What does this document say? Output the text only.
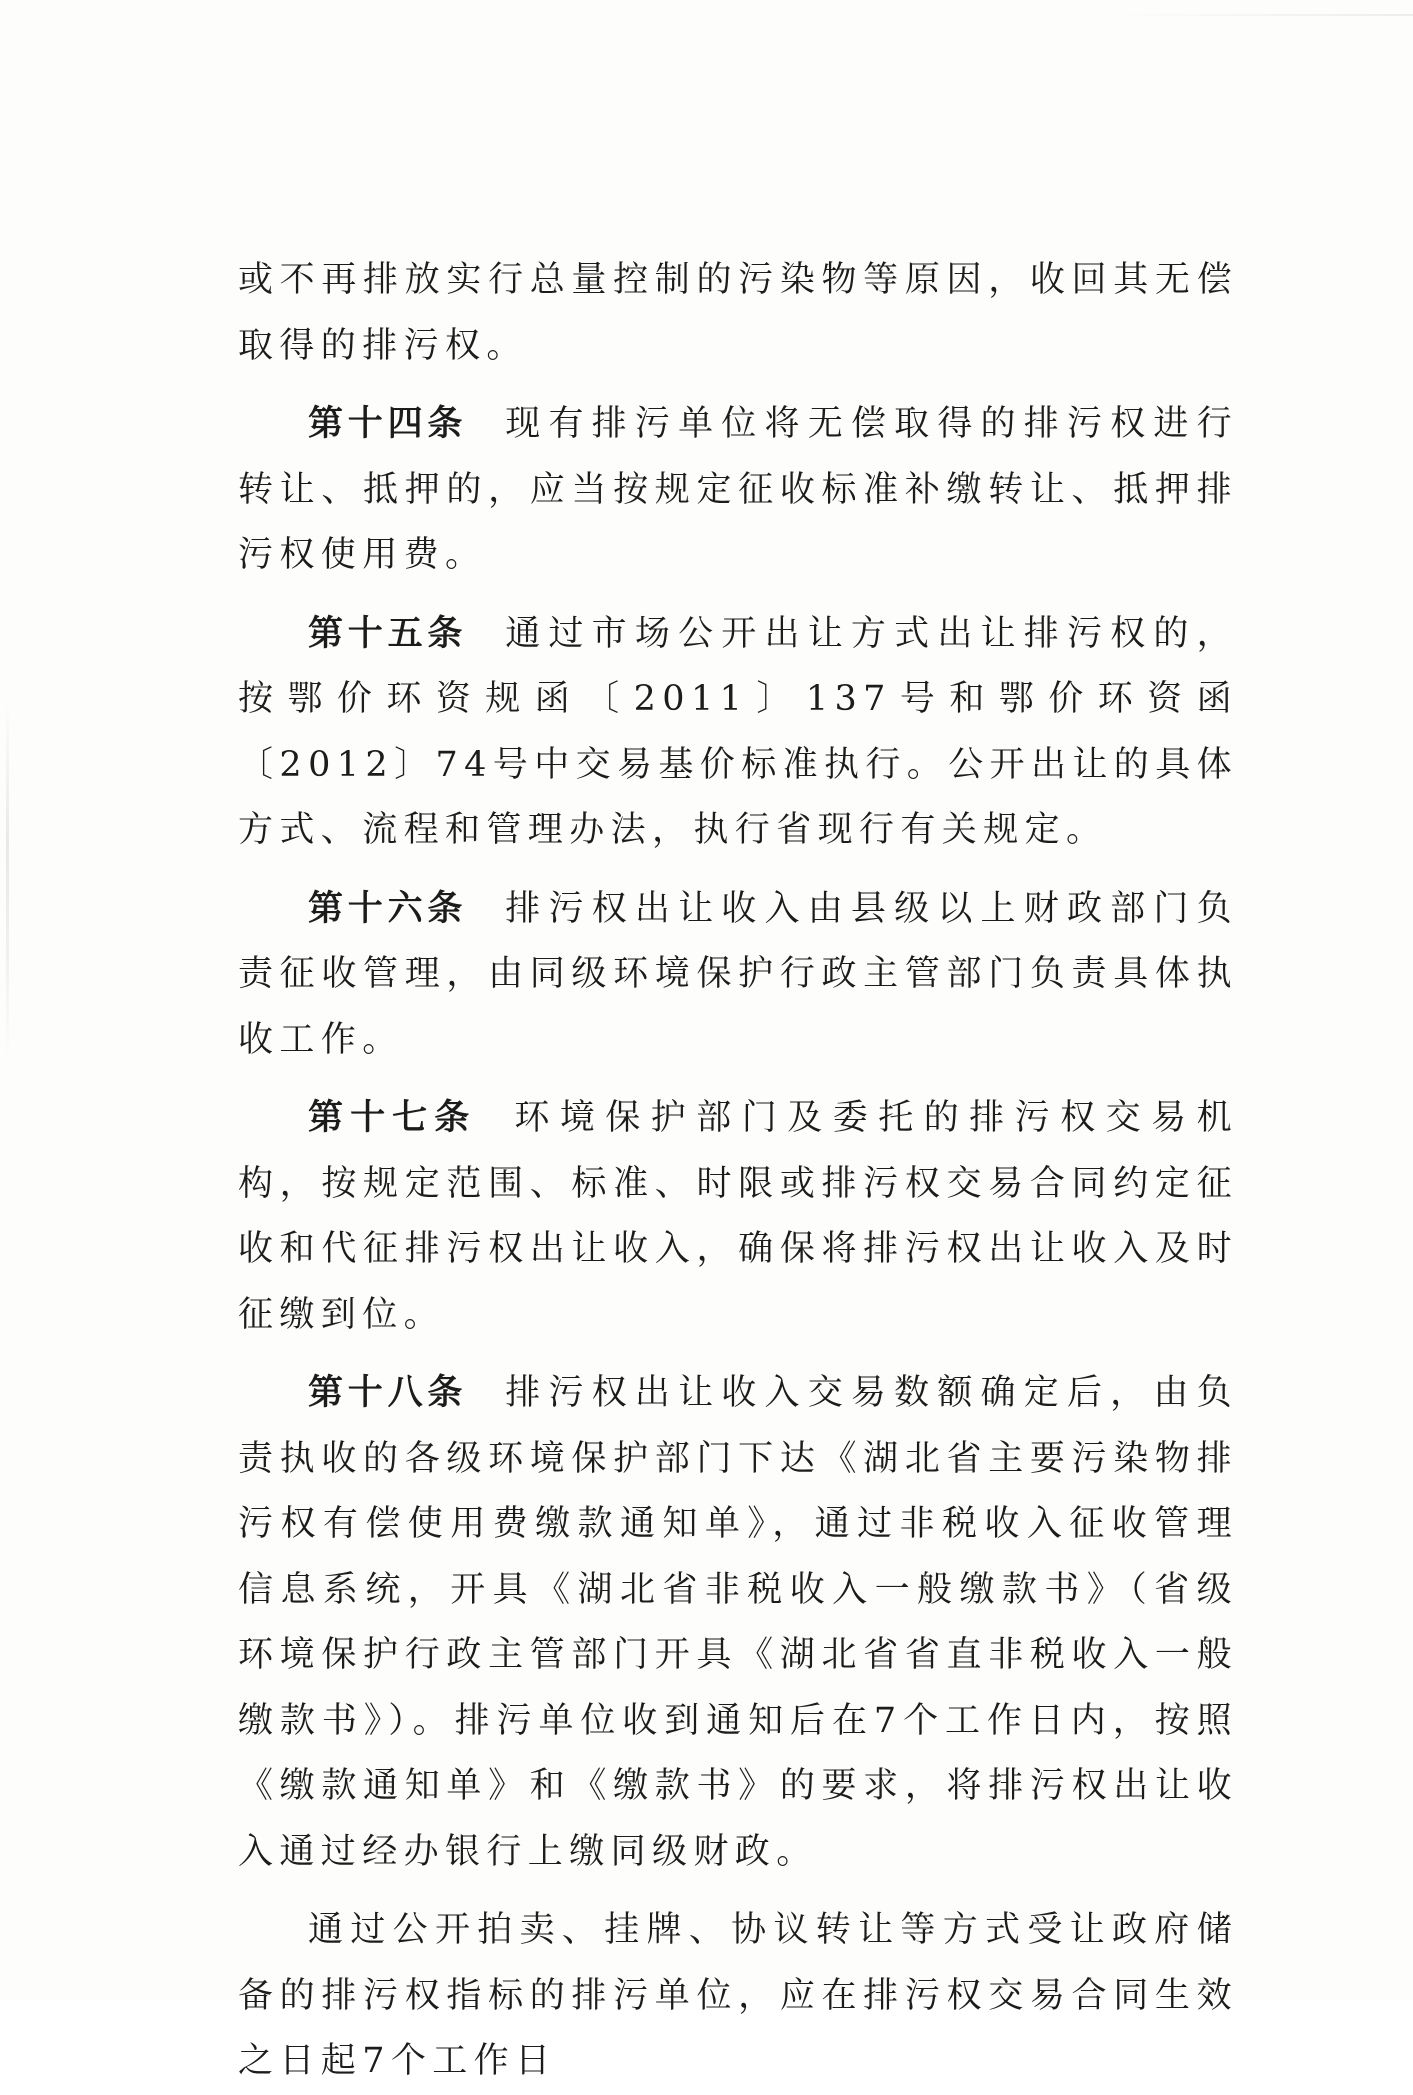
或不再排放实行总量控制的污染物等原因，收回其无偿取得的排污权。

第十四条 现有排污单位将无偿取得的排污权进行转让、抵押的，应当按规定征收标准补缴转让、抵押排污权使用费。

第十五条 通过市场公开出让方式出让排污权的，按鄂价环资规函〔2011〕137号和鄂价环资函〔2012〕74号中交易基价标准执行。公开出让的具体方式、流程和管理办法，执行省现行有关规定。

第十六条 排污权出让收入由县级以上财政部门负责征收管理，由同级环境保护行政主管部门负责具体执收工作。

第十七条 环境保护部门及委托的排污权交易机构，按规定范围、标准、时限或排污权交易合同约定征收和代征排污权出让收入，确保将排污权出让收入及时征缴到位。

第十八条 排污权出让收入交易数额确定后，由负责执收的各级环境保护部门下达《湖北省主要污染物排污权有偿使用费缴款通知单》，通过非税收入征收管理信息系统，开具《湖北省非税收入一般缴款书》（省级环境保护行政主管部门开具《湖北省省直非税收入一般缴款书》）。排污单位收到通知后在7个工作日内，按照《缴款通知单》和《缴款书》的要求，将排污权出让收入通过经办银行上缴同级财政。

通过公开拍卖、挂牌、协议转让等方式受让政府储备的排污权指标的排污单位，应在排污权交易合同生效之日起7个工作日
